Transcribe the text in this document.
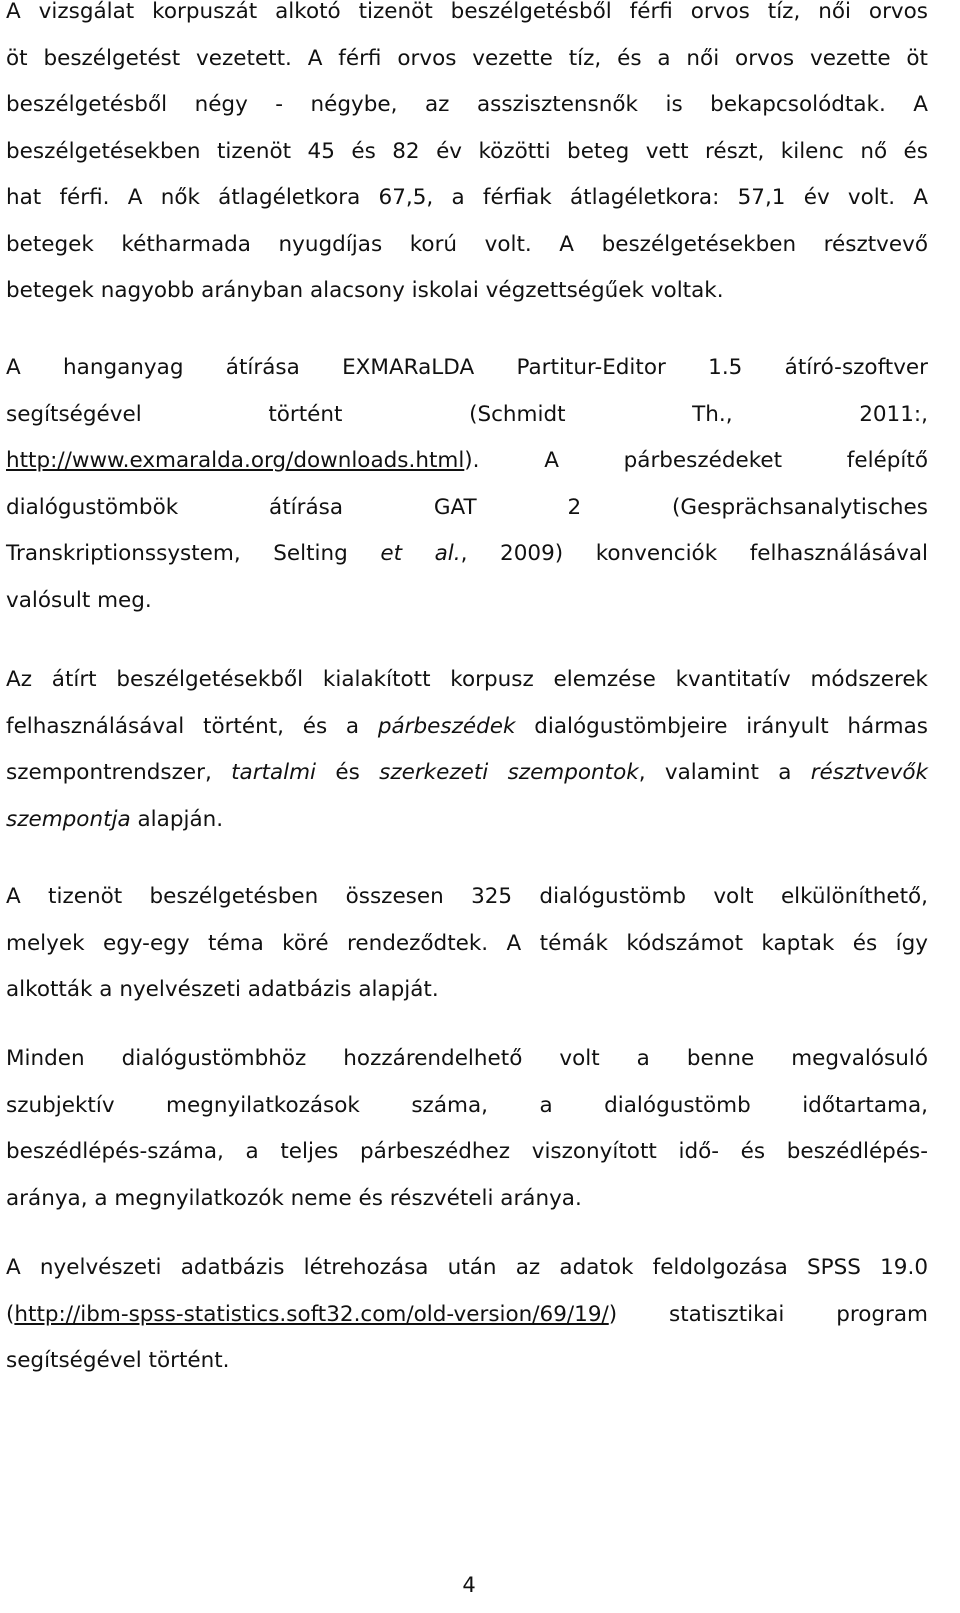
A vizsgálat korpuszát alkotó tizenöt beszélgetésből férfi orvos tíz, női orvos
öt beszélgetést vezetett. A férfi orvos vezette tíz, és a női orvos vezette öt
beszélgetésből négy - négybe, az asszisztensnők is bekapcsolódtak. A
beszélgetésekben tizenöt 45 és 82 év közötti beteg vett részt, kilenc nő és
hat férfi. A nők átlagéletkora 67,5, a férfiak átlagéletkora: 57,1 év volt. A
betegek kétharmada nyugdíjas korú volt. A beszélgetésekben résztvevő
betegek nagyobb arányban alacsony iskolai végzettségűek voltak.
A hanganyag átírása EXMARaLDA Partitur-Editor 1.5 átíró-szoftver
segítségével történt (Schmidt Th., 2011:,
http://www.exmaralda.org/downloads.html). A párbeszédeket felépítő
dialógustömbök átírása GAT 2 (Gesprächsanalytisches
Transkriptionssystem, Selting et al., 2009) konvenciók felhasználásával
valósult meg.
Az átírt beszélgetésekből kialakított korpusz elemzése kvantitatív módszerek
felhasználásával történt, és a párbeszédek dialógustömbjeire irányult hármas
szempontrendszer, tartalmi és szerkezeti szempontok, valamint a résztvevők
szempontja alapján.
A tizenöt beszélgetésben összesen 325 dialógustömb volt elkülöníthető,
melyek egy-egy téma köré rendeződtek. A témák kódszámot kaptak és így
alkották a nyelvészeti adatbázis alapját.
Minden dialógustömbhöz hozzárendelhető volt a benne megvalósuló
szubjektív megnyilatkozások száma, a dialógustömb időtartama,
beszédlépés-száma, a teljes párbeszédhez viszonyított idő- és beszédlépés-
aránya, a megnyilatkozók neme és részvételi aránya.
A nyelvészeti adatbázis létrehozása után az adatok feldolgozása SPSS 19.0
(http://ibm-spss-statistics.soft32.com/old-version/69/19/) statisztikai program
segítségével történt.
4
